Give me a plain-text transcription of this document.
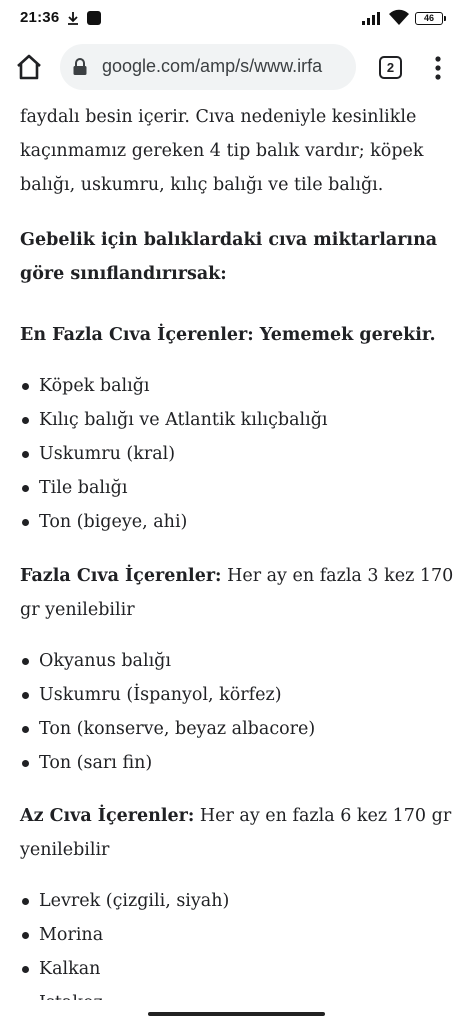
21:36	46
google.com/amp/s/www.irfa	2
faydalı besin içerir. Cıva nedeniyle kesinlikle
kaçınmamız gereken 4 tip balık vardır; köpek
balığı, uskumru, kılıç balığı ve tile balığı.
Gebelik için balıklardaki cıva miktarlarına
göre sınıflandırırsak:
En Fazla Cıva İçerenler: Yememek gerekir.
Köpek balığı
Kılıç balığı ve Atlantik kılıçbalığı
Uskumru (kral)
Tile balığı
Ton (bigeye, ahi)
Fazla Cıva İçerenler: Her ay en fazla 3 kez 170 gr yenilebilir
Okyanus balığı
Uskumru (İspanyol, körfez)
Ton (konserve, beyaz albacore)
Ton (sarı fin)
Az Cıva İçerenler: Her ay en fazla 6 kez 170 gr yenilebilir
Levrek (çizgili, siyah)
Morina
Kalkan
